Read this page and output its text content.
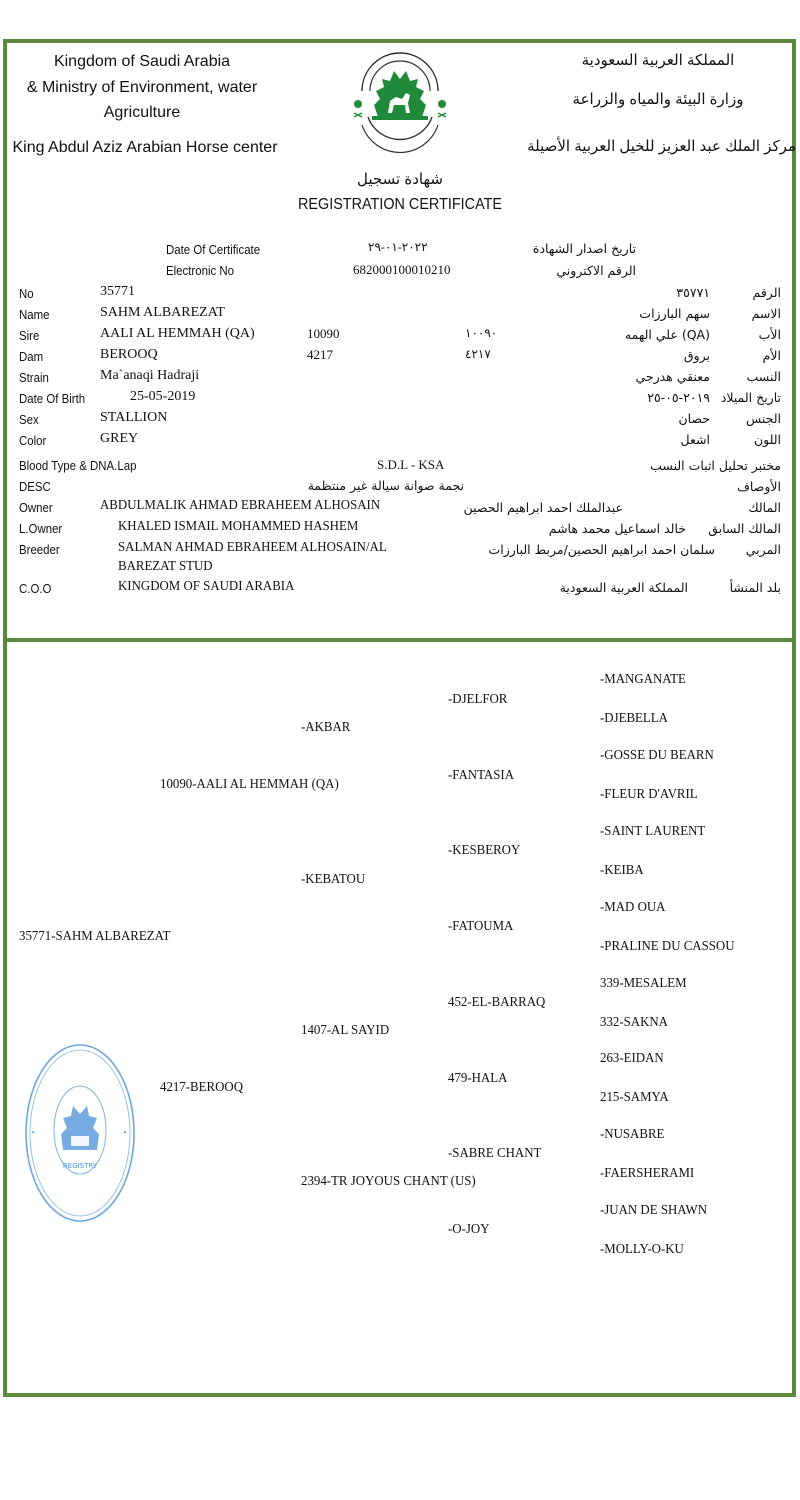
Kingdom of Saudi Arabia
& Ministry of Environment, water
Agriculture
King Abdul Aziz Arabian Horse center
المملكة العربية السعودية
وزارة البيئة والمياه والزراعة
مركز الملك عبد العزيز للخيل العربية الأصيلة
شهادة تسجيل
REGISTRATION CERTIFICATE
Date Of Certificate	٢٠٢٢-٠١-٢٩	تاريخ اصدار الشهادة
Electronic No	682000100010210	الرقم الاكتروني
No	35771	٣٥٧٧١	الرقم
Name	SAHM ALBAREZAT	سهم البارزات	الاسم
Sire	AALI AL HEMMAH (QA)	10090	١٠٠٩٠	(QA) علي الهمه	الأب
Dam	BEROOQ	4217	٤٢١٧	بروق	الأم
Strain	Ma`anaqi Hadraji	معنقي هدرجي	النسب
Date Of Birth	25-05-2019	٢٠١٩-٠٥-٢٥ تاريخ الميلاد
Sex	STALLION	حصان	الجنس
Color	GREY	اشعل	اللون
Blood Type & DNA.Lap	S.D.L - KSA	مختبر تحليل اثبات النسب
DESC	نجمة صوانة سيالة غير منتظمة	الأوصاف
Owner	ABDULMALIK AHMAD EBRAHEEM ALHOSAIN	عبدالملك احمد ابراهيم الحصين	المالك
L.Owner	KHALED ISMAIL MOHAMMED HASHEM	خالد اسماعيل محمد هاشم	المالك السابق
Breeder	SALMAN AHMAD EBRAHEEM ALHOSAIN/AL
BAREZAT STUD
سلمان احمد ابراهيم الحصين/مربط البارزات	المربي
C.O.O	KINGDOM OF SAUDI ARABIA	المملكة العربية السعودية	بلد المنشأ
35771-SAHM ALBAREZAT
10090-AALI AL HEMMAH (QA)
4217-BEROOQ
-AKBAR
-KEBATOU
1407-AL SAYID
2394-TR JOYOUS CHANT (US)
-DJELFOR
-FANTASIA
-KESBEROY
-FATOUMA
452-EL-BARRAQ
479-HALA
-SABRE CHANT
-O-JOY
-MANGANATE
-DJEBELLA
-GOSSE DU BEARN
-FLEUR D'AVRIL
-SAINT LAURENT
-KEIBA
-MAD OUA
-PRALINE DU CASSOU
339-MESALEM
332-SAKNA
263-EIDAN
215-SAMYA
-NUSABRE
-FAERSHERAMI
-JUAN DE SHAWN
-MOLLY-O-KU
REGISTRY
✦	✦
